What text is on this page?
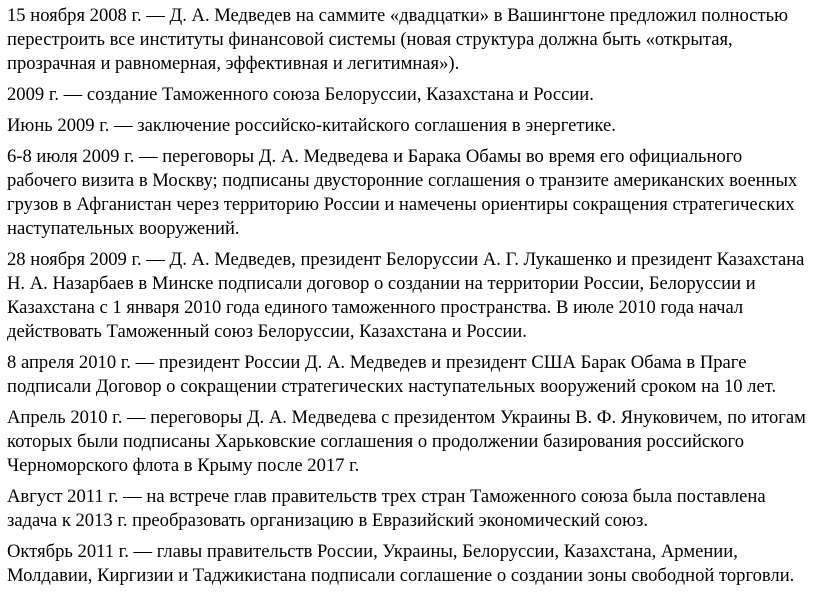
15 ноября 2008 г. — Д. А. Медведев на саммите «двадцатки» в Вашингтоне предложил полностью перестроить все институты финансовой системы (новая структура должна быть «открытая, прозрачная и равномерная, эффективная и легитимная»).

2009 г. — создание Таможенного союза Белоруссии, Казахстана и России.

Июнь 2009 г. — заключение российско-китайского соглашения в энергетике.

6-8 июля 2009 г. — переговоры Д. А. Медведева и Барака Обамы во время его официального рабочего визита в Москву; подписаны двусторонние соглашения о транзите американских военных грузов в Афганистан через территорию России и намечены ориентиры сокращения стратегических наступательных вооружений.

28 ноября 2009 г. — Д. А. Медведев, президент Белоруссии А. Г. Лукашенко и президент Казахстана Н. А. Назарбаев в Минске подписали договор о создании на территории России, Белоруссии и Казахстана с 1 января 2010 года единого таможенного пространства. В июле 2010 года начал действовать Таможенный союз Белоруссии, Казахстана и России.

8 апреля 2010 г. — президент России Д. А. Медведев и президент США Барак Обама в Праге подписали Договор о сокращении стратегических наступательных вооружений сроком на 10 лет.

Апрель 2010 г. — переговоры Д. А. Медведева с президентом Украины В. Ф. Януковичем, по итогам которых были подписаны Харьковские соглашения о продолжении базирования российского Черноморского флота в Крыму после 2017 г.

Август 2011 г. — на встрече глав правительств трех стран Таможенного союза была поставлена задача к 2013 г. преобразовать организацию в Евразийский экономический союз.

Октябрь 2011 г. — главы правительств России, Украины, Белоруссии, Казахстана, Армении, Молдавии, Киргизии и Таджикистана подписали соглашение о создании зоны свободной торговли.
